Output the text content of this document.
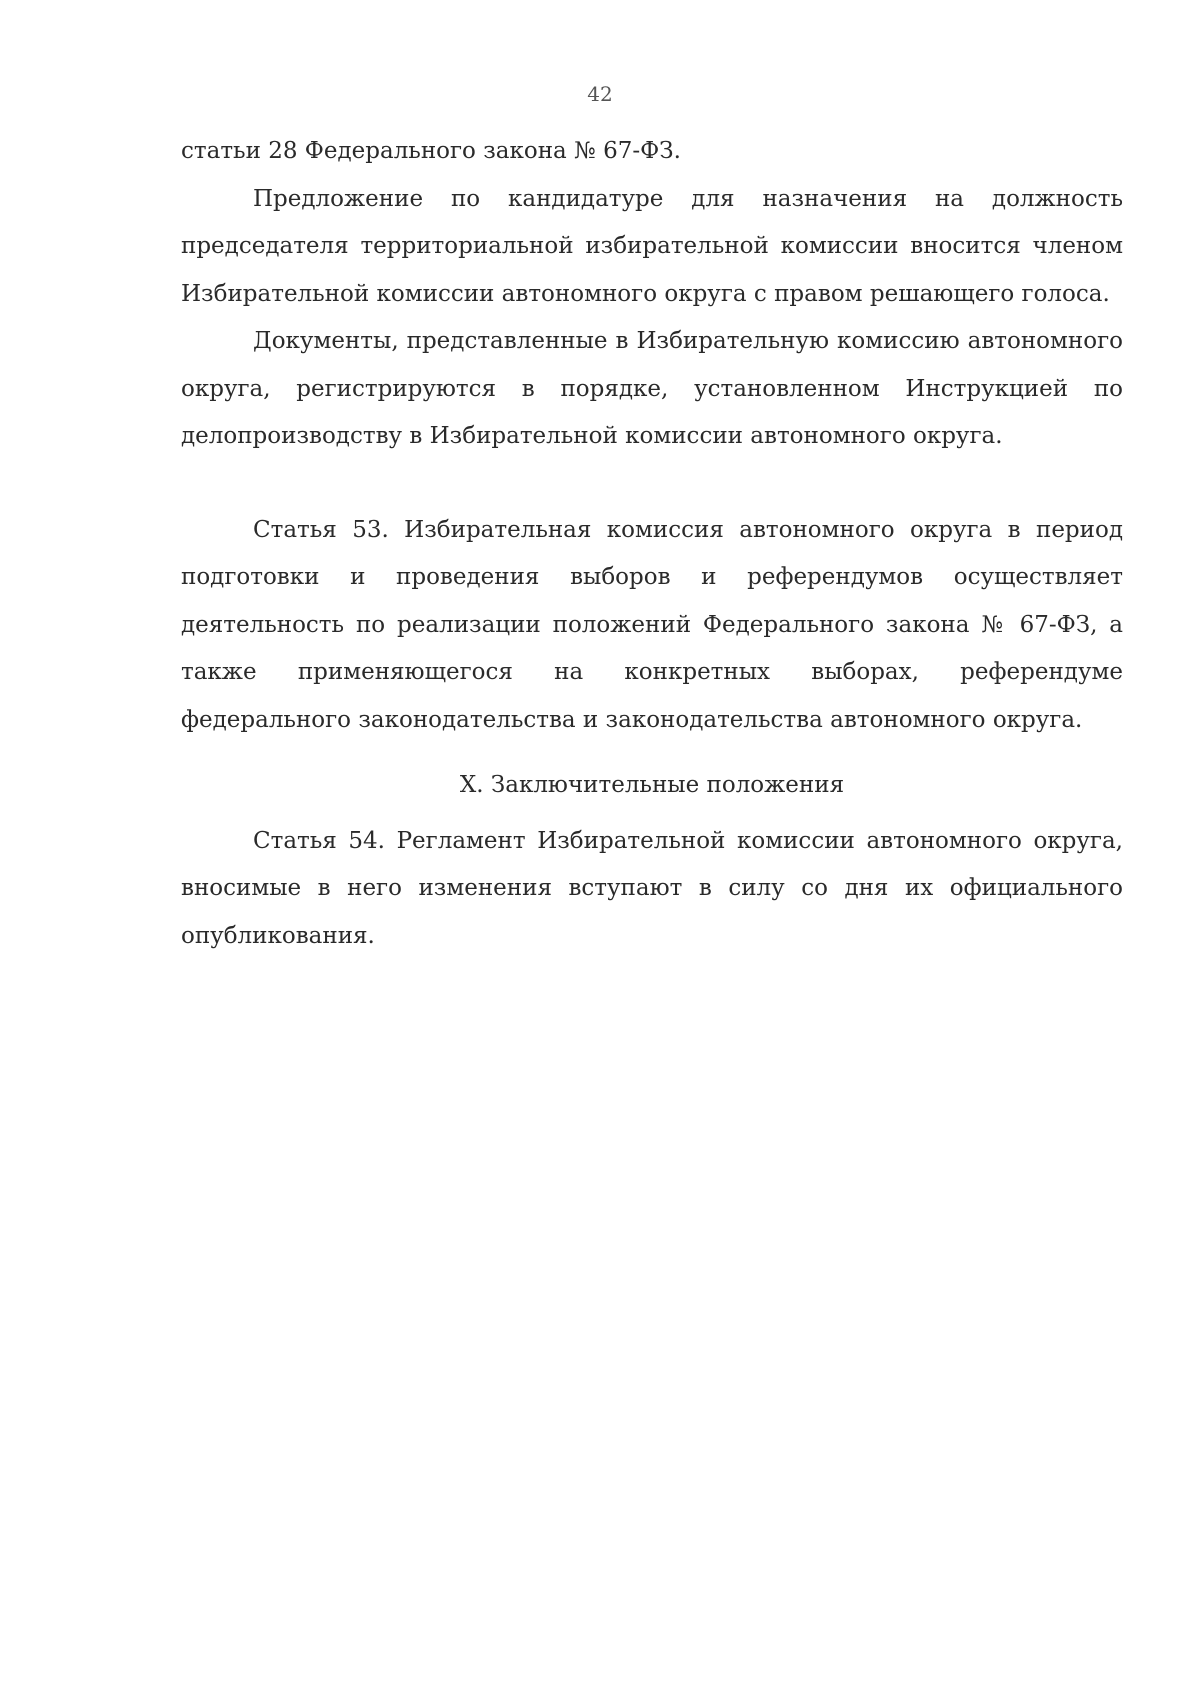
42

статьи 28 Федерального закона № 67-ФЗ.

Предложение по кандидатуре для назначения на должность председателя территориальной избирательной комиссии вносится членом Избирательной комиссии автономного округа с правом решающего голоса.

Документы, представленные в Избирательную комиссию автономного округа, регистрируются в порядке, установленном Инструкцией по делопроизводству в Избирательной комиссии автономного округа.

Статья 53. Избирательная комиссия автономного округа в период подготовки и проведения выборов и референдумов осуществляет деятельность по реализации положений Федерального закона № 67-ФЗ, а также применяющегося на конкретных выборах, референдуме федерального законодательства и законодательства автономного округа.

X. Заключительные положения

Статья 54. Регламент Избирательной комиссии автономного округа, вносимые в него изменения вступают в силу со дня их официального опубликования.
